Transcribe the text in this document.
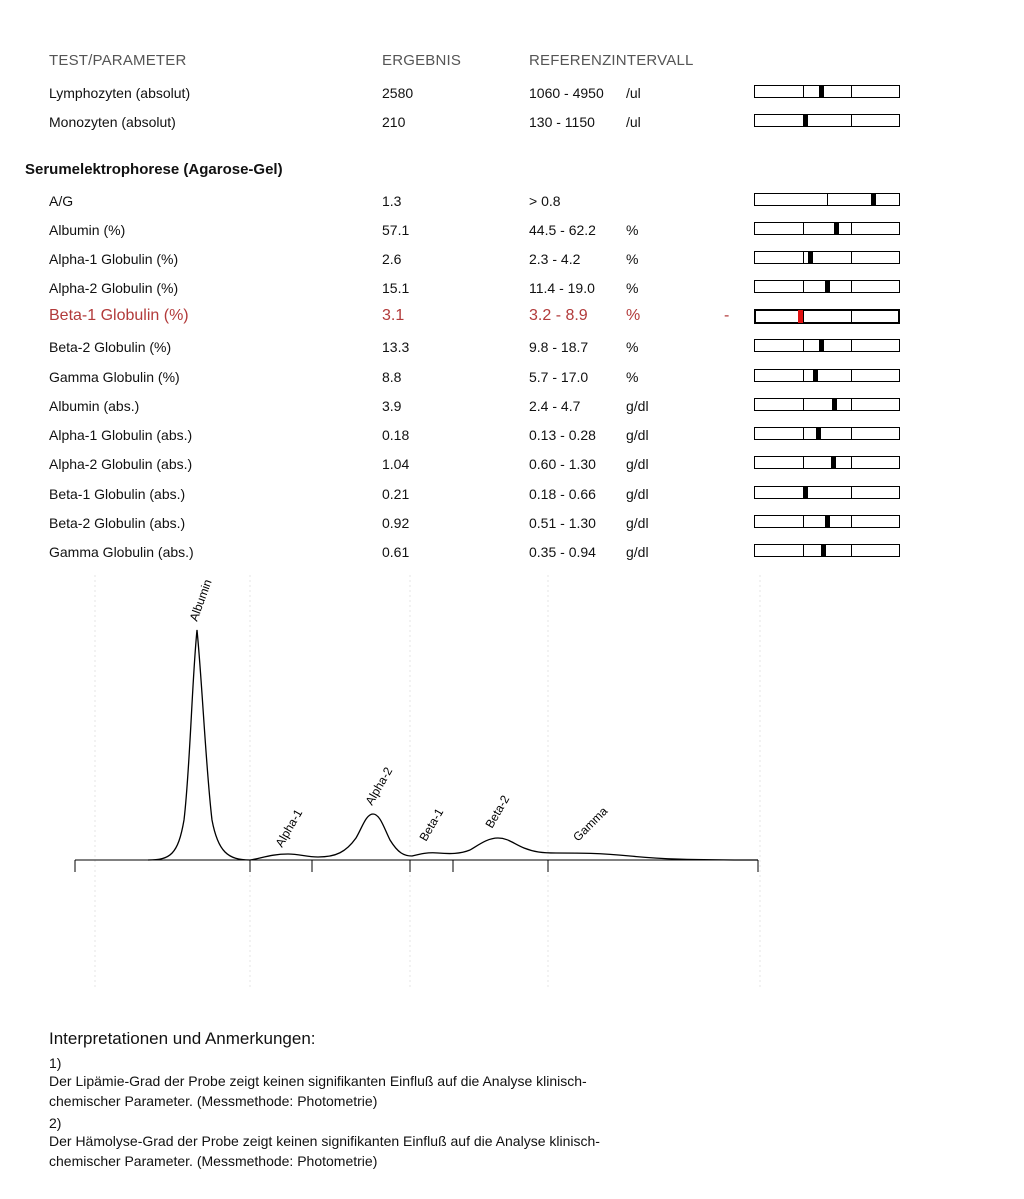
TEST/PARAMETER	ERGEBNIS	REFERENZINTERVALL
Lymphozyten (absolut)	2580	1060 - 4950 /ul
Monozyten (absolut)	210	130 - 1150 /ul
Serumelektrophorese (Agarose-Gel)
A/G	1.3	> 0.8
Albumin (%)	57.1	44.5 - 62.2 %
Alpha-1 Globulin (%)	2.6	2.3 - 4.2	%
Alpha-2 Globulin (%)	15.1	11.4 - 19.0 %
Beta-1 Globulin (%)	3.1	3.2 - 8.9 %	-
Beta-2 Globulin (%)	13.3	9.8 - 18.7	%
Gamma Globulin (%)	8.8	5.7 - 17.0	%
Albumin (abs.)	3.9	2.4 - 4.7	g/dl
Alpha-1 Globulin (abs.)	0.18	0.13 - 0.28 g/dl
Alpha-2 Globulin (abs.)	1.04	0.60 - 1.30 g/dl
Beta-1 Globulin (abs.)	0.21	0.18 - 0.66 g/dl
Beta-2 Globulin (abs.)	0.92	0.51 - 1.30 g/dl
Gamma Globulin (abs.)	0.61	0.35 - 0.94 g/dl
Albumin
Alpha-1
Alpha-2
Beta-1	Beta-2	Gamma
Interpretationen und Anmerkungen:
1)
Der Lipämie-Grad der Probe zeigt keinen signifikanten Einfluß auf die Analyse klinisch-chemischer Parameter. (Messmethode: Photometrie)
2)
Der Hämolyse-Grad der Probe zeigt keinen signifikanten Einfluß auf die Analyse klinisch-chemischer Parameter. (Messmethode: Photometrie)
